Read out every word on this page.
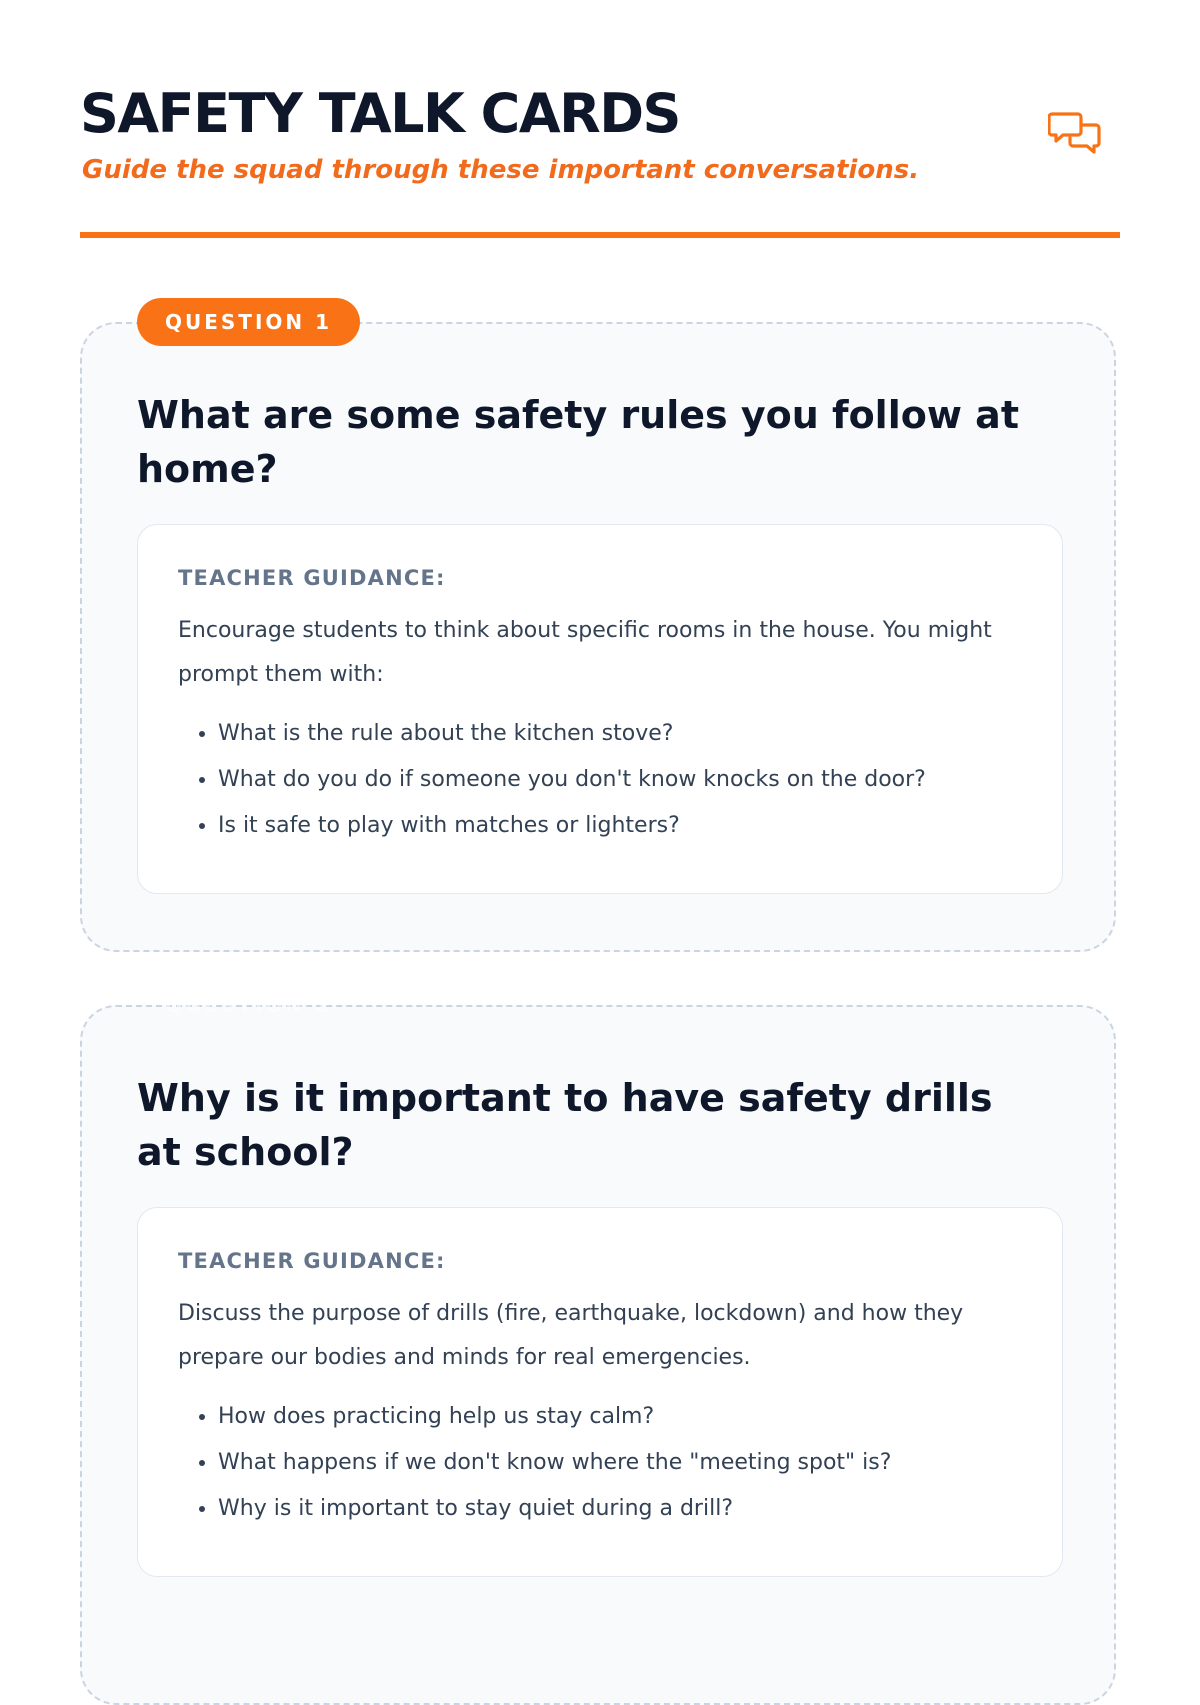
SAFETY TALK CARDS

Guide the squad through these important conversations.

QUESTION 1
What are some safety rules you follow at home?

TEACHER GUIDANCE:

Encourage students to think about specific rooms in the house. You might prompt them with:

• What is the rule about the kitchen stove?
• What do you do if someone you don't know knocks on the door?
• Is it safe to play with matches or lighters?
QUESTION 2
Why is it important to have safety drills at school?

TEACHER GUIDANCE:

Discuss the purpose of drills (fire, earthquake, lockdown) and how they prepare our bodies and minds for real emergencies.

• How does practicing help us stay calm?
• What happens if we don't know where the "meeting spot" is?
• Why is it important to stay quiet during a drill?
